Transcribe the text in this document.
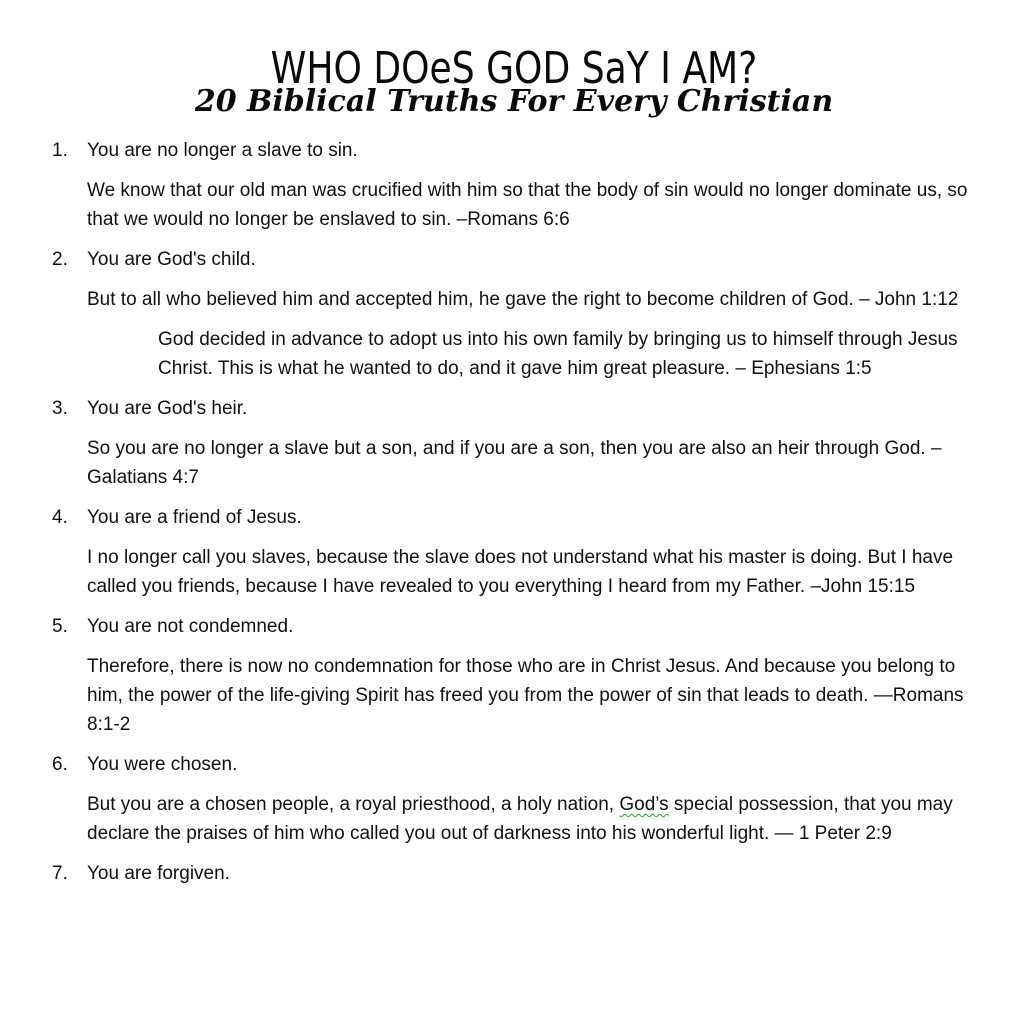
WHO DOeS GOD SaY I AM?
20 Biblical Truths For Every Christian
1. You are no longer a slave to sin.
We know that our old man was crucified with him so that the body of sin would no longer dominate us, so that we would no longer be enslaved to sin. –Romans 6:6
2. You are God's child.
But to all who believed him and accepted him, he gave the right to become children of God. – John 1:12
God decided in advance to adopt us into his own family by bringing us to himself through Jesus Christ. This is what he wanted to do, and it gave him great pleasure. – Ephesians 1:5
3. You are God's heir.
So you are no longer a slave but a son, and if you are a son, then you are also an heir through God. –Galatians 4:7
4. You are a friend of Jesus.
I no longer call you slaves, because the slave does not understand what his master is doing. But I have called you friends, because I have revealed to you everything I heard from my Father. –John 15:15
5. You are not condemned.
Therefore, there is now no condemnation for those who are in Christ Jesus. And because you belong to him, the power of the life-giving Spirit has freed you from the power of sin that leads to death. —Romans 8:1-2
6. You were chosen.
But you are a chosen people, a royal priesthood, a holy nation, God’s special possession, that you may declare the praises of him who called you out of darkness into his wonderful light. — 1 Peter 2:9
7. You are forgiven.
